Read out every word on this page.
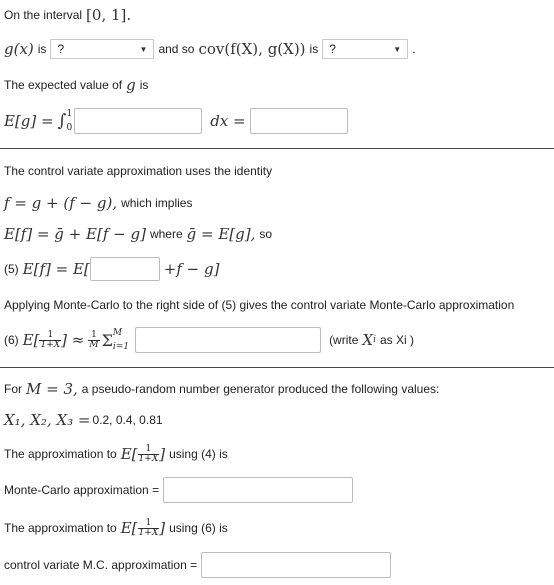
On the interval [0, 1].
g(x) is ?	▼ and so cov(f(X), g(X)) is ?	▼ .
The expected value of g is
E[g] = ∫ 1
0	dx =
The control variate approximation uses the identity
f = g + (f − g), which implies
E[f] = ḡ + E[f − g] where ḡ = E[g], so
(5) E[f] = E[	+f − g]
Applying Monte-Carlo to the right side of (5) gives the control variate Monte-Carlo approximation
(6) $E[ \frac{1}{1+X}$ ] ≈ $\frac{1}{M}$ Σ M
i=1	(write X i as Xi )
For M = 3, a pseudo-random number generator produced the following values:
X₁, X₂, X₃ = 0.2, 0.4, 0.81
The approximation to $E[ \frac{1}{1+X}$ ] using (4) is
Monte-Carlo approximation =
The approximation to $E[ \frac{1}{1+X}$ ] using (6) is
control variate M.C. approximation =
